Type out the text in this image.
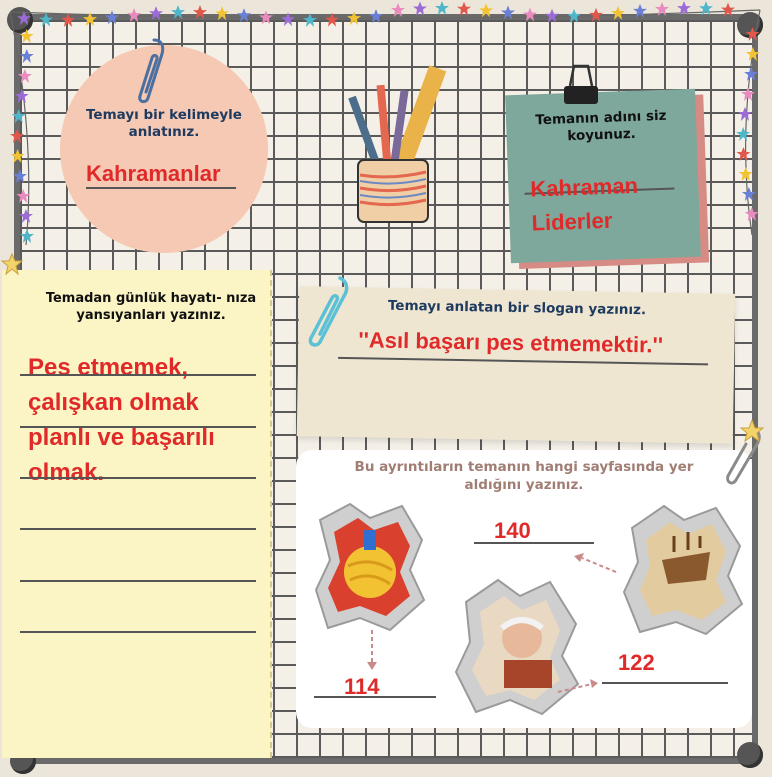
Temayı bir kelimeyle anlatınız.
Kahramanlar
Temanın adını siz koyunuz.
Kahraman
Liderler
Temadan günlük hayatı- nıza yansıyanları yazınız.
Pes etmemek,
çalışkan olmak
planlı ve başarılı
olmak.
Temayı anlatan bir slogan yazınız.
''Asıl başarı pes etmemektir.''
Bu ayrıntıların temanın hangi sayfasında yer aldığını yazınız.
140
114
122
